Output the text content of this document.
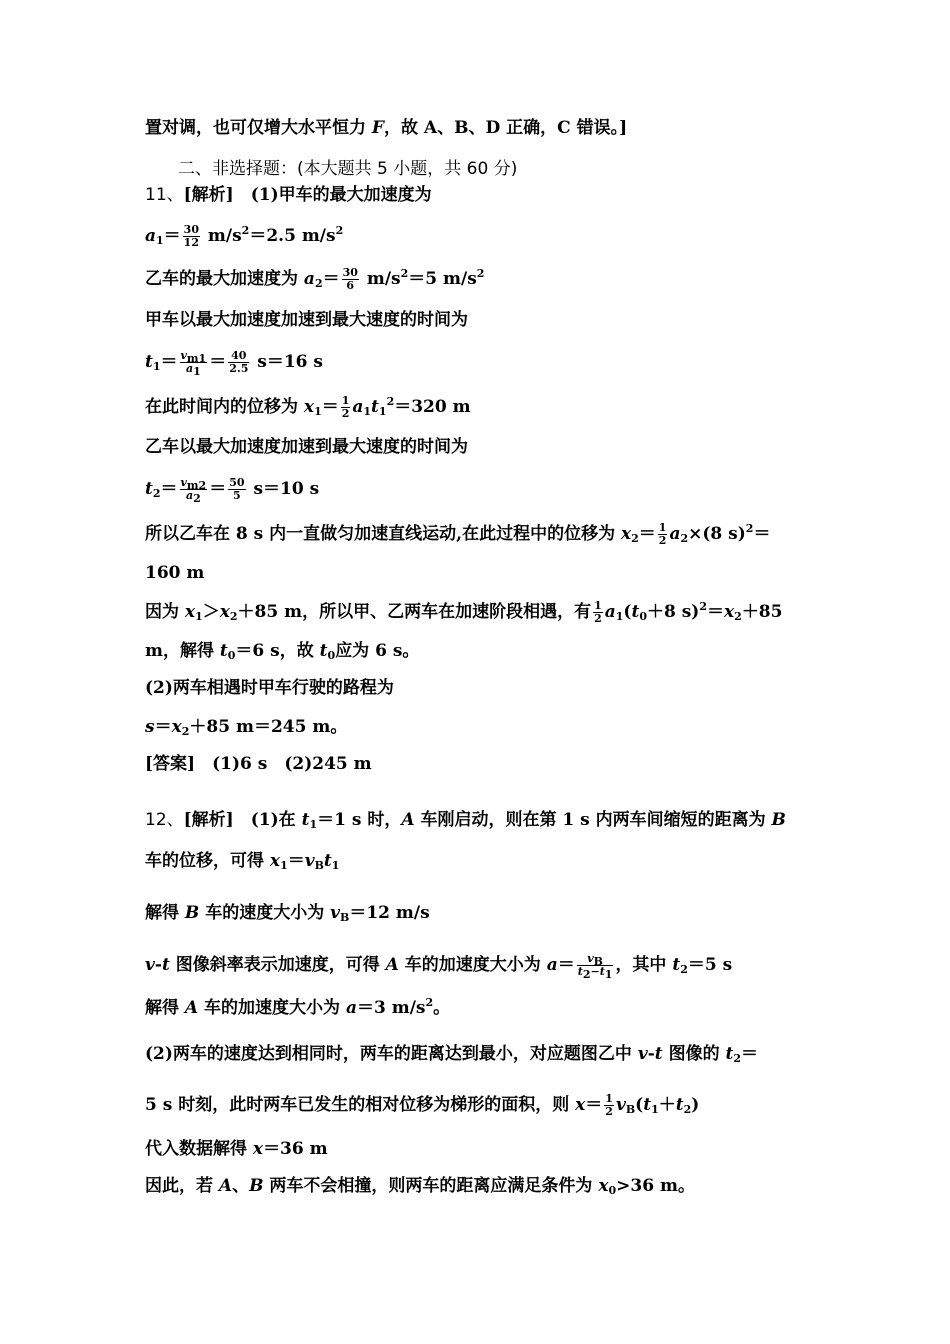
置对调，也可仅增大水平恒力 F，故 A、B、D 正确，C 错误。]
二、非选择题：(本大题共 5 小题，共 60 分)
11、[解析]　(1)甲车的最大加速度为
$a_1= \frac{30}{12} m/s^2=2.5$ $m/s^2$
乙车的最大加速度为 $a_2= \frac{30}{6} m/s^2=5$ $m/s^2$
甲车以最大加速度加速到最大速度的时间为
$t_1= \frac{v_{m1}}{a_1} = \frac{40}{2.5} s=16$ s
在此时间内的位移为 $x_1= \frac{1}{2} a_1t_1^2=320$ m
乙车以最大加速度加速到最大速度的时间为
$t_2= \frac{v_{m2}}{a_2} = \frac{50}{5} s=10$ s
所以乙车在 8 s 内一直做匀加速直线运动,在此过程中的位移为 $x_2= \frac{1}{2} a_2\times(8$ s)$^2$＝
160 m
因为 $x_1>x_2+85$ m，所以甲、乙两车在加速阶段相遇，有 $\frac{1}{2} a_1(t_0+8$ $s)^2=x_2+85$
m，解得 $t_0=6$ s，故 $t_0$应为 6 s。
(2)两车相遇时甲车行驶的路程为
$s=x_2+85$ m＝245 m。
[答案]　(1)6 s　(2)245 m
12、[解析]　(1)在 $t_1=1$ s 时，A 车刚启动，则在第 1 s 内两车间缩短的距离为 B
车的位移，可得 $x_1=v_Bt_1$
解得 B 车的速度大小为 $v_B=12$ m/s
v-t 图像斜率表示加速度，可得 A 车的加速度大小为 $a= \frac{v_B}{t_2-t_1}$ ，其中 $t_2=5$ s
解得 A 车的加速度大小为 a＝3 $m/s^2$。
(2)两车的速度达到相同时，两车的距离达到最小，对应题图乙中 v-t 图像的 $t_2=$
5 s 时刻，此时两车已发生的相对位移为梯形的面积，则 $x= \frac{1}{2} v_B(t_1+t_2)$
代入数据解得 x＝36 m
因此，若 A、B 两车不会相撞，则两车的距离应满足条件为 $x_0>36$ m。
